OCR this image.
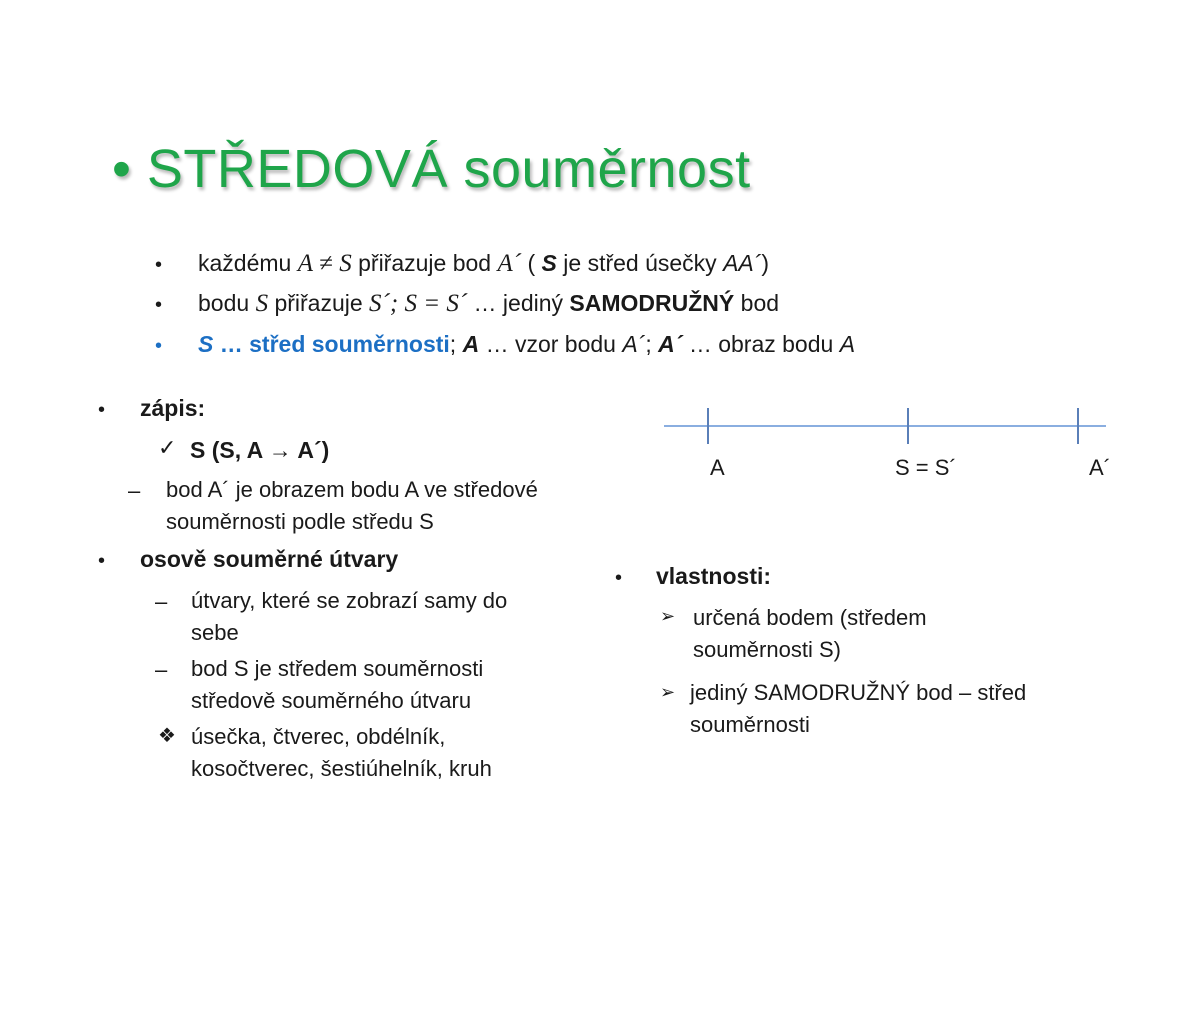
• STŘEDOVÁ souměrnost
• každému A ≠ S přiřazuje bod A´ ( S je střed úsečky AA´)
• bodu S přiřazuje S´; S = S´ … jediný SAMODRUŽNÝ bod
• S … střed souměrnosti; A … vzor bodu A´; A´ … obraz bodu A
• zápis:
✓ S (S, A → A´)
– bod A´ je obrazem bodu A ve středové
souměrnosti podle středu S
• osově souměrné útvary
– útvary, které se zobrazí samy do
sebe
– bod S je středem souměrnosti
středově souměrného útvaru
❖ úsečka, čtverec, obdélník,
kosočtverec, šestiúhelník, kruh
A	S = S´	A´
• vlastnosti:
➢ určená bodem (středem
souměrnosti S)
➢ jediný SAMODRUŽNÝ bod – střed
souměrnosti
